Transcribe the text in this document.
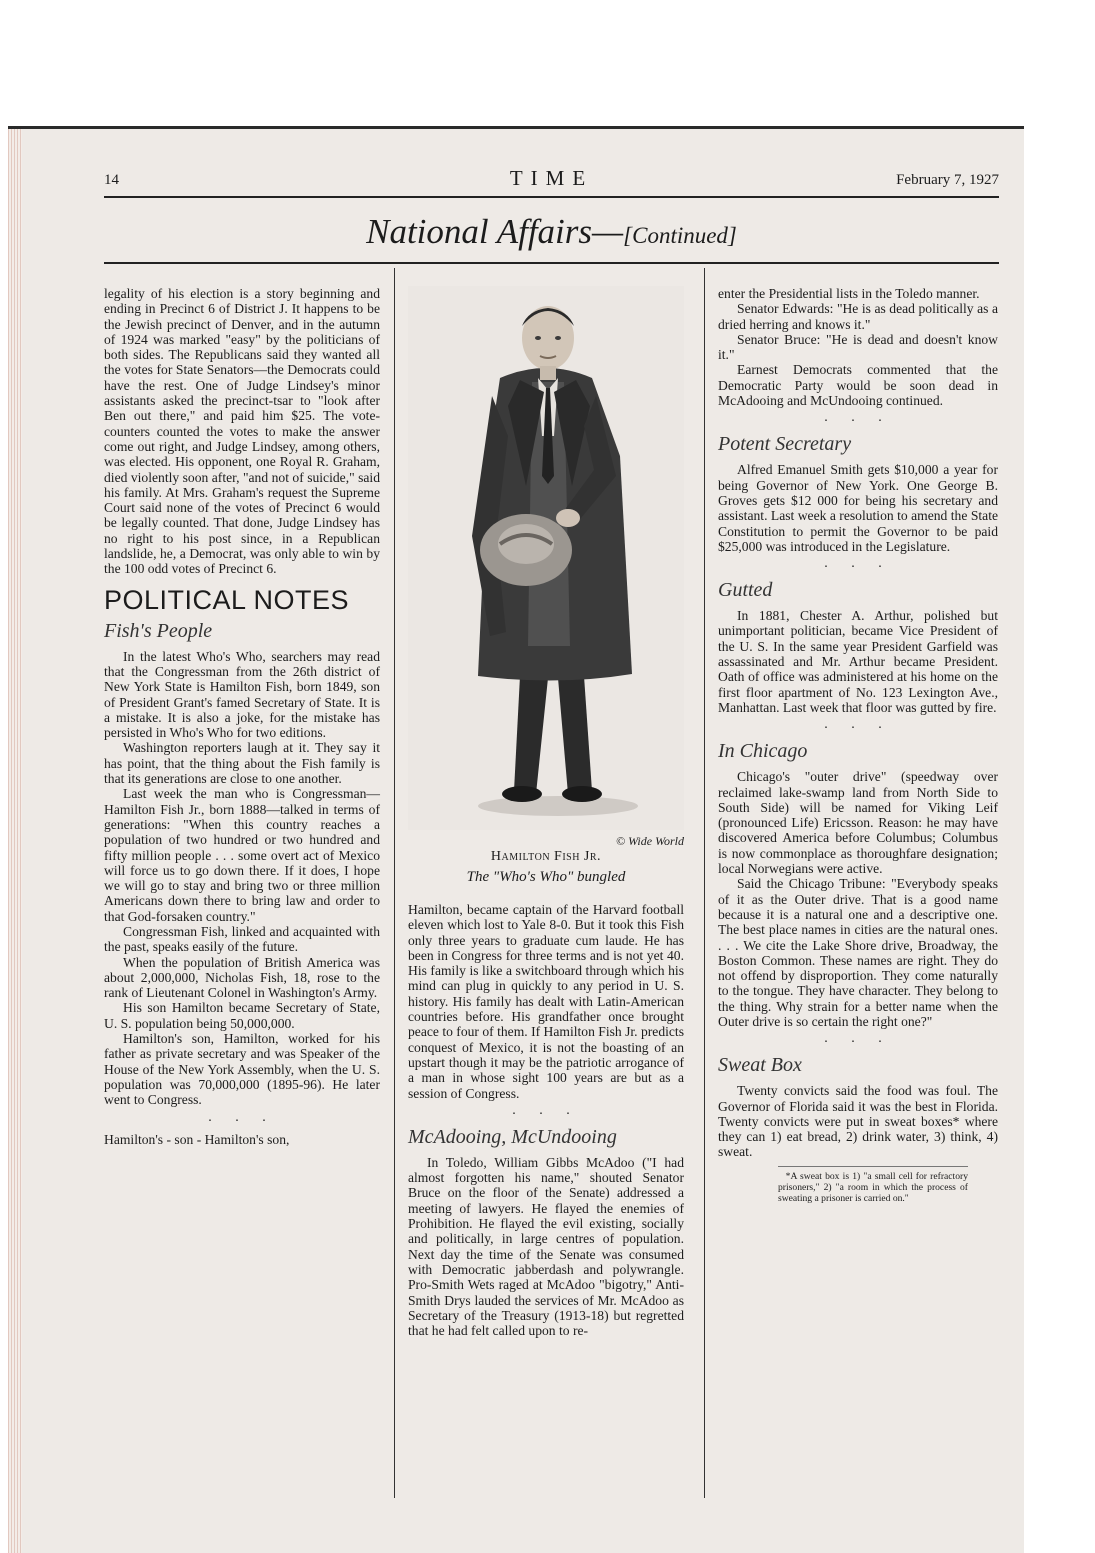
14	TIME	February 7, 1927
National Affairs—[Continued]

legality of his election is a story beginning and ending in Precinct 6 of District J. It happens to be the Jewish precinct of Denver, and in the autumn of 1924 was marked "easy" by the politicians of both sides. The Republicans said they wanted all the votes for State Senators—the Democrats could have the rest. One of Judge Lindsey's minor assistants asked the precinct-tsar to "look after Ben out there," and paid him $25. The vote-counters counted the votes to make the answer come out right, and Judge Lindsey, among others, was elected. His opponent, one Royal R. Graham, died violently soon after, "and not of suicide," said his family. At Mrs. Graham's request the Supreme Court said none of the votes of Precinct 6 would be legally counted. That done, Judge Lindsey has no right to his post since, in a Republican landslide, he, a Democrat, was only able to win by the 100 odd votes of Precinct 6.

POLITICAL NOTES
Fish's People

In the latest Who's Who, searchers may read that the Congressman from the 26th district of New York State is Hamilton Fish, born 1849, son of President Grant's famed Secretary of State. It is a mistake. It is also a joke, for the mistake has persisted in Who's Who for two editions.

Washington reporters laugh at it. They say it has point, that the thing about the Fish family is that its generations are close to one another.

Last week the man who is Congressman—Hamilton Fish Jr., born 1888—talked in terms of generations: "When this country reaches a population of two hundred or two hundred and fifty million people . . . some overt act of Mexico will force us to go down there. If it does, I hope we will go to stay and bring two or three million Americans down there to bring law and order to that God-forsaken country."

Congressman Fish, linked and acquainted with the past, speaks easily of the future.

When the population of British America was about 2,000,000, Nicholas Fish, 18, rose to the rank of Lieutenant Colonel in Washington's Army.

His son Hamilton became Secretary of State, U. S. population being 50,000,000.

Hamilton's son, Hamilton, worked for his father as private secretary and was Speaker of the House of the New York Assembly, when the U. S. population was 70,000,000 (1895-96). He later went to Congress.

. . .

Hamilton's - son - Hamilton's son,

© Wide World
Hamilton Fish Jr.
The "Who's Who" bungled

Hamilton, became captain of the Harvard football eleven which lost to Yale 8-0. But it took this Fish only three years to graduate cum laude. He has been in Congress for three terms and is not yet 40. His family is like a switchboard through which his mind can plug in quickly to any period in U. S. history. His family has dealt with Latin-American countries before. His grandfather once brought peace to four of them. If Hamilton Fish Jr. predicts conquest of Mexico, it is not the boasting of an upstart though it may be the patriotic arrogance of a man in whose sight 100 years are but as a session of Congress.

. . .
McAdooing, McUndooing

In Toledo, William Gibbs McAdoo ("I had almost forgotten his name," shouted Senator Bruce on the floor of the Senate) addressed a meeting of lawyers. He flayed the enemies of Prohibition. He flayed the evil existing, socially and politically, in large centres of population. Next day the time of the Senate was consumed with Democratic jabberdash and polywrangle. Pro-Smith Wets raged at McAdoo "bigotry," Anti-Smith Drys lauded the services of Mr. McAdoo as Secretary of the Treasury (1913-18) but regretted that he had felt called upon to re-

enter the Presidential lists in the Toledo manner.

Senator Edwards: "He is as dead politically as a dried herring and knows it."

Senator Bruce: "He is dead and doesn't know it."

Earnest Democrats commented that the Democratic Party would be soon dead in McAdooing and McUndooing continued.

. . .
Potent Secretary

Alfred Emanuel Smith gets $10,000 a year for being Governor of New York. One George B. Groves gets $12 000 for being his secretary and assistant. Last week a resolution to amend the State Constitution to permit the Governor to be paid $25,000 was introduced in the Legislature.

. . .
Gutted

In 1881, Chester A. Arthur, polished but unimportant politician, became Vice President of the U. S. In the same year President Garfield was assassinated and Mr. Arthur became President. Oath of office was administered at his home on the first floor apartment of No. 123 Lexington Ave., Manhattan. Last week that floor was gutted by fire.

. . .
In Chicago

Chicago's "outer drive" (speedway over reclaimed lake-swamp land from North Side to South Side) will be named for Viking Leif (pronounced Life) Ericsson. Reason: he may have discovered America before Columbus; Columbus is now commonplace as thoroughfare designation; local Norwegians were active.

Said the Chicago Tribune: "Everybody speaks of it as the Outer drive. That is a good name because it is a natural one and a descriptive one. The best place names in cities are the natural ones. . . . We cite the Lake Shore drive, Broadway, the Boston Common. These names are right. They do not offend by disproportion. They come naturally to the tongue. They have character. They belong to the thing. Why strain for a better name when the Outer drive is so certain the right one?"

. . .
Sweat Box

Twenty convicts said the food was foul. The Governor of Florida said it was the best in Florida. Twenty convicts were put in sweat boxes* where they can 1) eat bread, 2) drink water, 3) think, 4) sweat.

*A sweat box is 1) "a small cell for refractory prisoners," 2) "a room in which the process of sweating a prisoner is carried on."
